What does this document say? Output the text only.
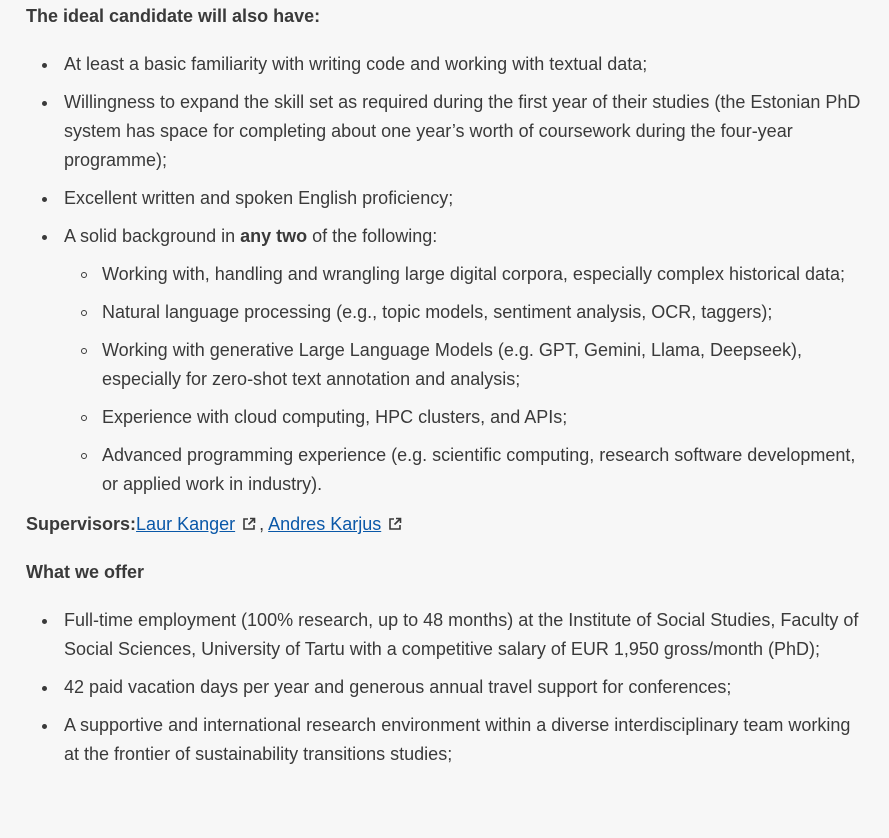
The ideal candidate will also have:

At least a basic familiarity with writing code and working with textual data;
Willingness to expand the skill set as required during the first year of their studies (the Estonian PhD system has space for completing about one year’s worth of coursework during the four-year programme);
Excellent written and spoken English proficiency;
A solid background in any two of the following:
Working with, handling and wrangling large digital corpora, especially complex historical data;
Natural language processing (e.g., topic models, sentiment analysis, OCR, taggers);
Working with generative Large Language Models (e.g. GPT, Gemini, Llama, Deepseek), especially for zero-shot text annotation and analysis;
Experience with cloud computing, HPC clusters, and APIs;
Advanced programming experience (e.g. scientific computing, research software development, or applied work in industry).
Supervisors:Laur Kanger , Andres Karjus

What we offer

Full-time employment (100% research, up to 48 months) at the Institute of Social Studies, Faculty of Social Sciences, University of Tartu with a competitive salary of EUR 1,950 gross/month (PhD);
42 paid vacation days per year and generous annual travel support for conferences;
A supportive and international research environment within a diverse interdisciplinary team working at the frontier of sustainability transitions studies;
